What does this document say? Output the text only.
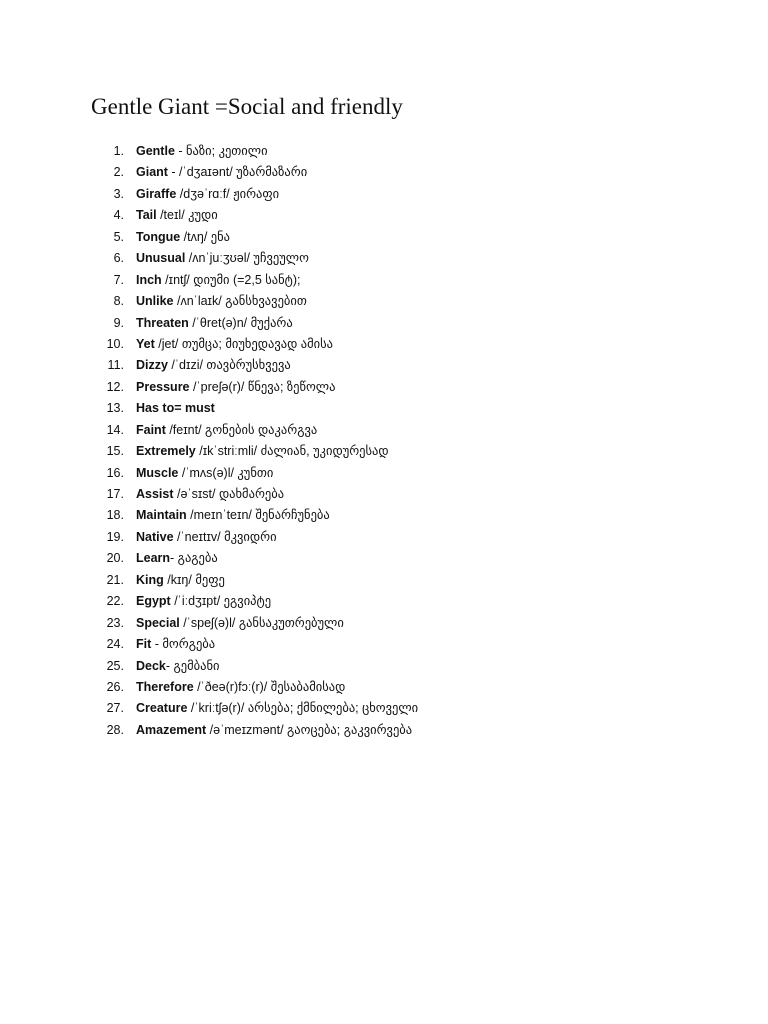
Gentle Giant =Social and friendly
1. Gentle - ნაზი; კეთილი
2. Giant - /ˈdʒaɪənt/ უზარმაზარი
3. Giraffe /dʒəˈrɑːf/ ჟირაფი
4. Tail /teɪl/ კუდი
5. Tongue /tʌŋ/ ენა
6. Unusual /ʌnˈjuːʒʊəl/ უჩვეულო
7. Inch /ɪntʃ/ დიუმი (=2,5 სანტ);
8. Unlike /ʌnˈlaɪk/ განსხვავებით
9. Threaten /ˈθret(ə)n/ მუქარა
10. Yet /jet/ თუმცა; მიუხედავად ამისა
11. Dizzy /ˈdɪzi/ თავბრუსხვევა
12. Pressure /ˈpreʃə(r)/ წნევა; ზეწოლა
13. Has to= must
14. Faint /feɪnt/ გონების დაკარგვა
15. Extremely /ɪkˈstriːmli/ ძალიან, უკიდურესად
16. Muscle /ˈmʌs(ə)l/ კუნთი
17. Assist /əˈsɪst/ დახმარება
18. Maintain /meɪnˈteɪn/ შენარჩუნება
19. Native /ˈneɪtɪv/ მკვიდრი
20. Learn- გაგება
21. King /kɪŋ/ მეფე
22. Egypt /ˈiːdʒɪpt/ ეგვიპტე
23. Special /ˈspeʃ(ə)l/ განსაკუთრებული
24. Fit - მორგება
25. Deck- გემბანი
26. Therefore /ˈðeə(r)fɔː(r)/ შესაბამისად
27. Creature /ˈkriːtʃə(r)/ არსება; ქმნილება; ცხოველი
28. Amazement /əˈmeɪzmənt/ გაოცება; გაკვირვება
